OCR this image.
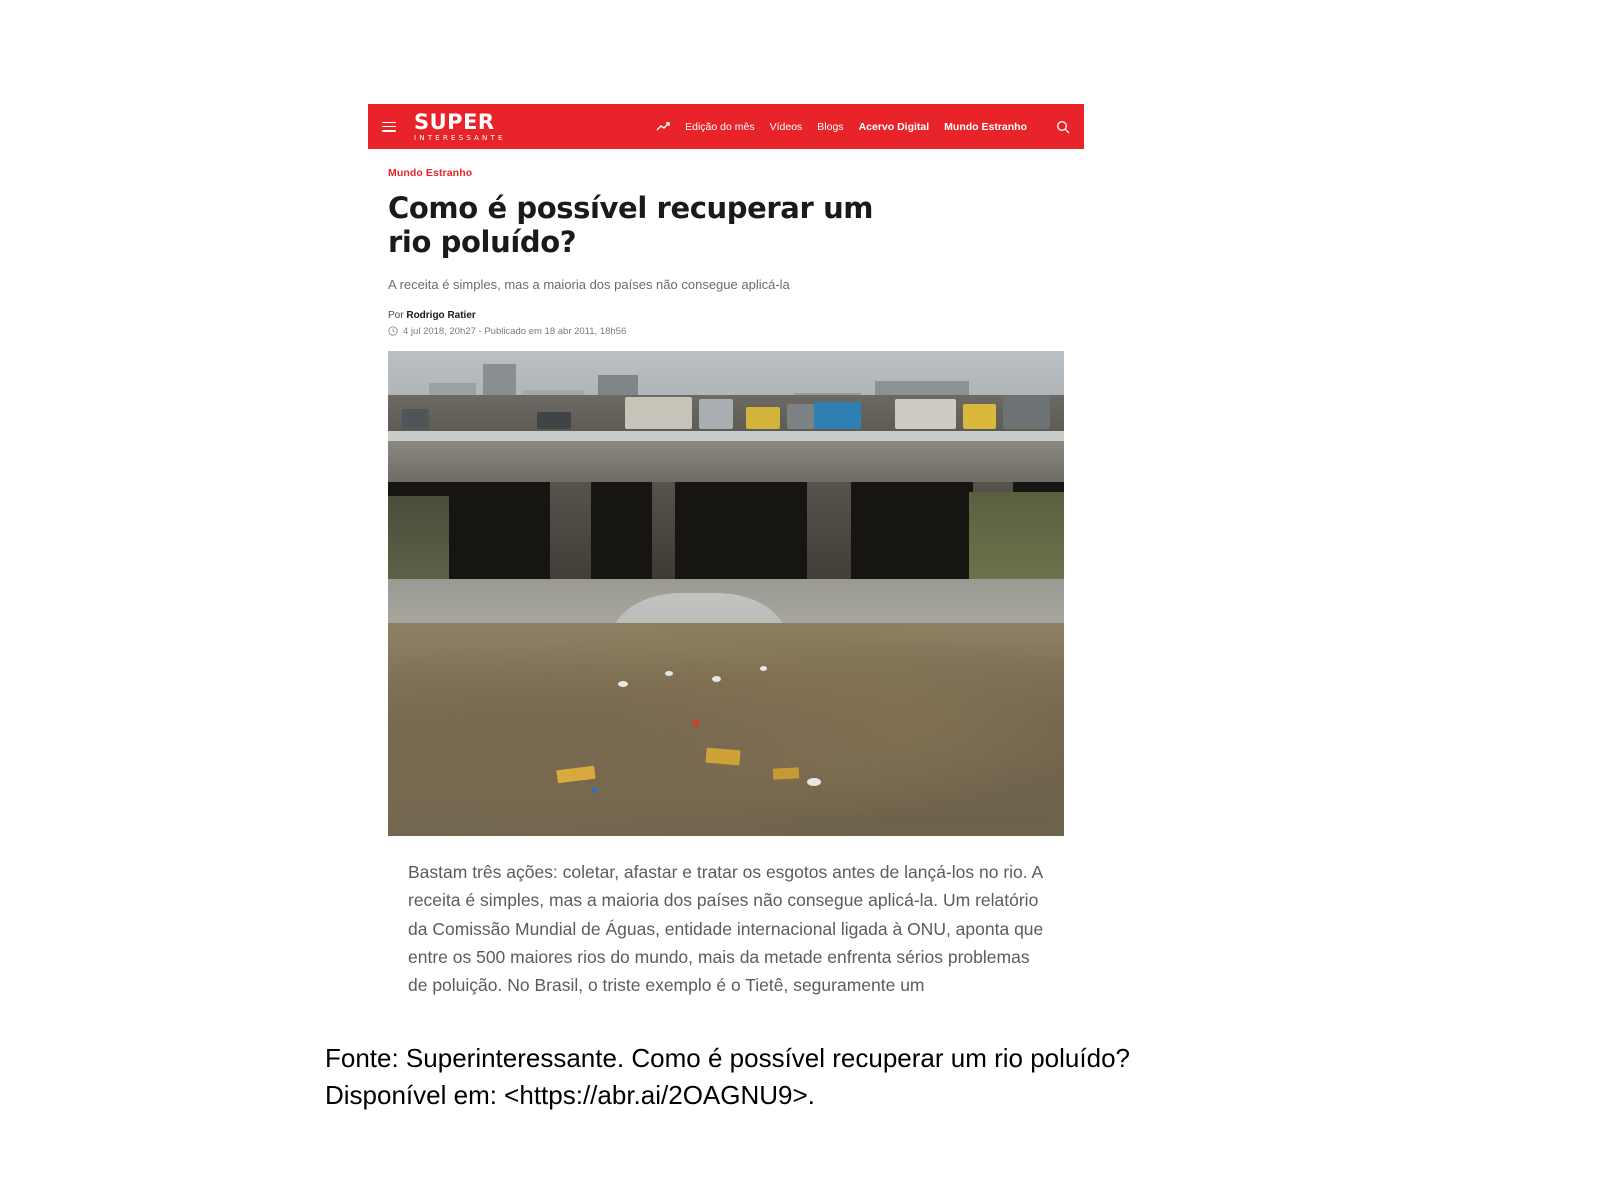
SUPER
INTERESSANTE
Edição do mês Vídeos Blogs Acervo Digital Mundo Estranho
Mundo Estranho
Como é possível recuperar um rio poluído?
A receita é simples, mas a maioria dos países não consegue aplicá-la
Por Rodrigo Ratier
4 jul 2018, 20h27 - Publicado em 18 abr 2011, 18h56

Bastam três ações: coletar, afastar e tratar os esgotos antes de lançá-los no rio. A receita é simples, mas a maioria dos países não consegue aplicá-la. Um relatório da Comissão Mundial de Águas, entidade internacional ligada à ONU, aponta que entre os 500 maiores rios do mundo, mais da metade enfrenta sérios problemas de poluição. No Brasil, o triste exemplo é o Tietê, seguramente um

Fonte: Superinteressante. Como é possível recuperar um rio poluído? Disponível em: <https://abr.ai/2OAGNU9>.
